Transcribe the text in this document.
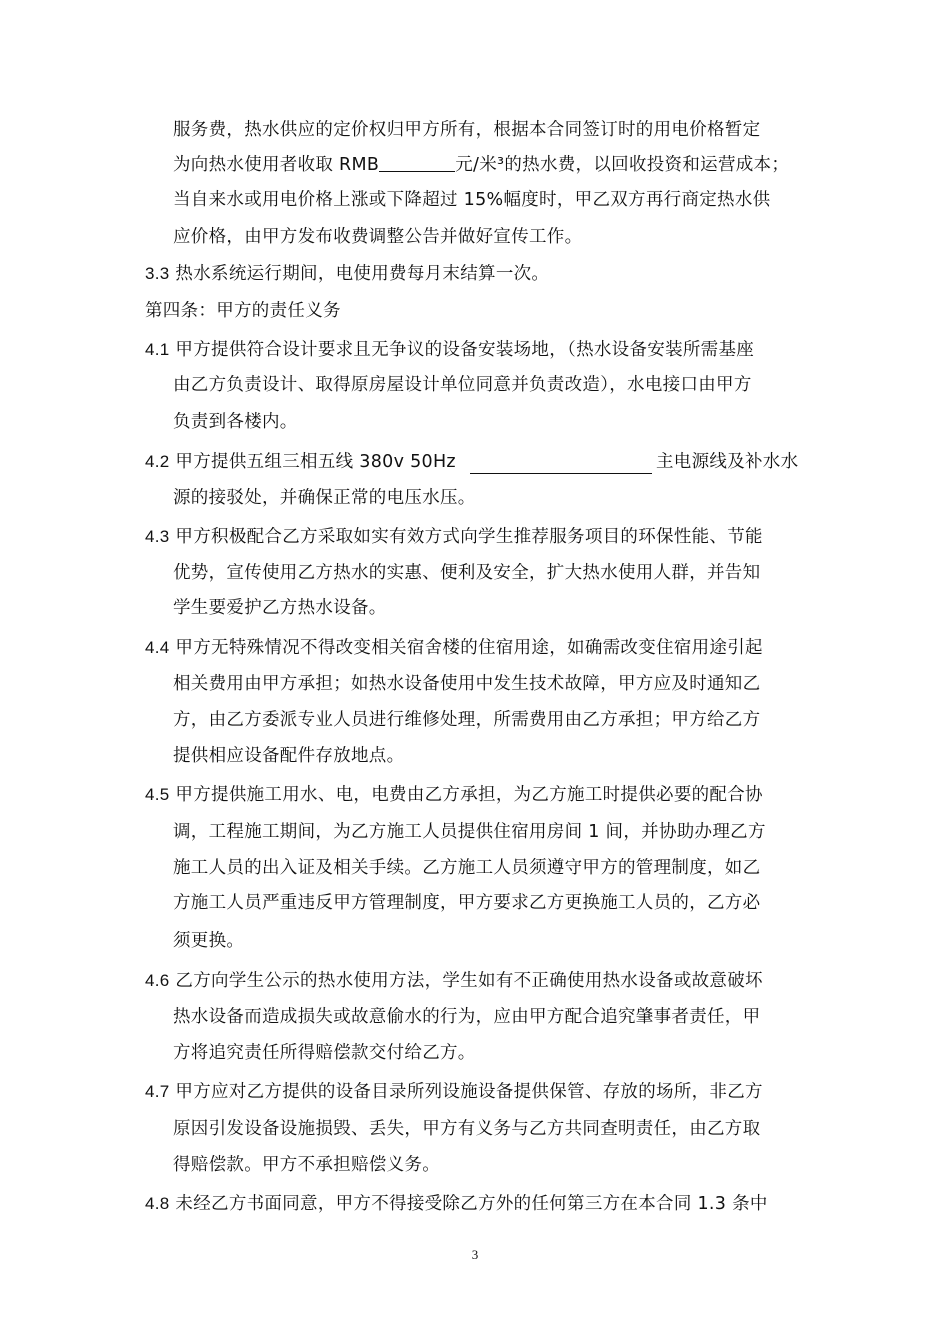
服务费，热水供应的定价权归甲方所有，根据本合同签订时的用电价格暂定
为向热水使用者收取 RMB	元/米³的热水费，以回收投资和运营成本；
当自来水或用电价格上涨或下降超过 15%幅度时，甲乙双方再行商定热水供
应价格，由甲方发布收费调整公告并做好宣传工作。
3.3 热水系统运行期间，电使用费每月末结算一次。
第四条：甲方的责任义务
4.1 甲方提供符合设计要求且无争议的设备安装场地，（热水设备安装所需基座
由乙方负责设计、取得原房屋设计单位同意并负责改造），水电接口由甲方
负责到各楼内。
4.2 甲方提供五组三相五线 380v 50Hz	主电源线及补水水
源的接驳处，并确保正常的电压水压。
4.3 甲方积极配合乙方采取如实有效方式向学生推荐服务项目的环保性能、节能
优势，宣传使用乙方热水的实惠、便利及安全，扩大热水使用人群，并告知
学生要爱护乙方热水设备。
4.4 甲方无特殊情况不得改变相关宿舍楼的住宿用途，如确需改变住宿用途引起
相关费用由甲方承担；如热水设备使用中发生技术故障，甲方应及时通知乙
方，由乙方委派专业人员进行维修处理，所需费用由乙方承担；甲方给乙方
提供相应设备配件存放地点。
4.5 甲方提供施工用水、电，电费由乙方承担，为乙方施工时提供必要的配合协
调，工程施工期间，为乙方施工人员提供住宿用房间 1 间，并协助办理乙方
施工人员的出入证及相关手续。乙方施工人员须遵守甲方的管理制度，如乙
方施工人员严重违反甲方管理制度，甲方要求乙方更换施工人员的，乙方必
须更换。
4.6 乙方向学生公示的热水使用方法，学生如有不正确使用热水设备或故意破坏
热水设备而造成损失或故意偷水的行为，应由甲方配合追究肇事者责任，甲
方将追究责任所得赔偿款交付给乙方。
4.7 甲方应对乙方提供的设备目录所列设施设备提供保管、存放的场所，非乙方
原因引发设备设施损毁、丢失，甲方有义务与乙方共同查明责任，由乙方取
得赔偿款。甲方不承担赔偿义务。
4.8 未经乙方书面同意，甲方不得接受除乙方外的任何第三方在本合同 1.3 条中
3
